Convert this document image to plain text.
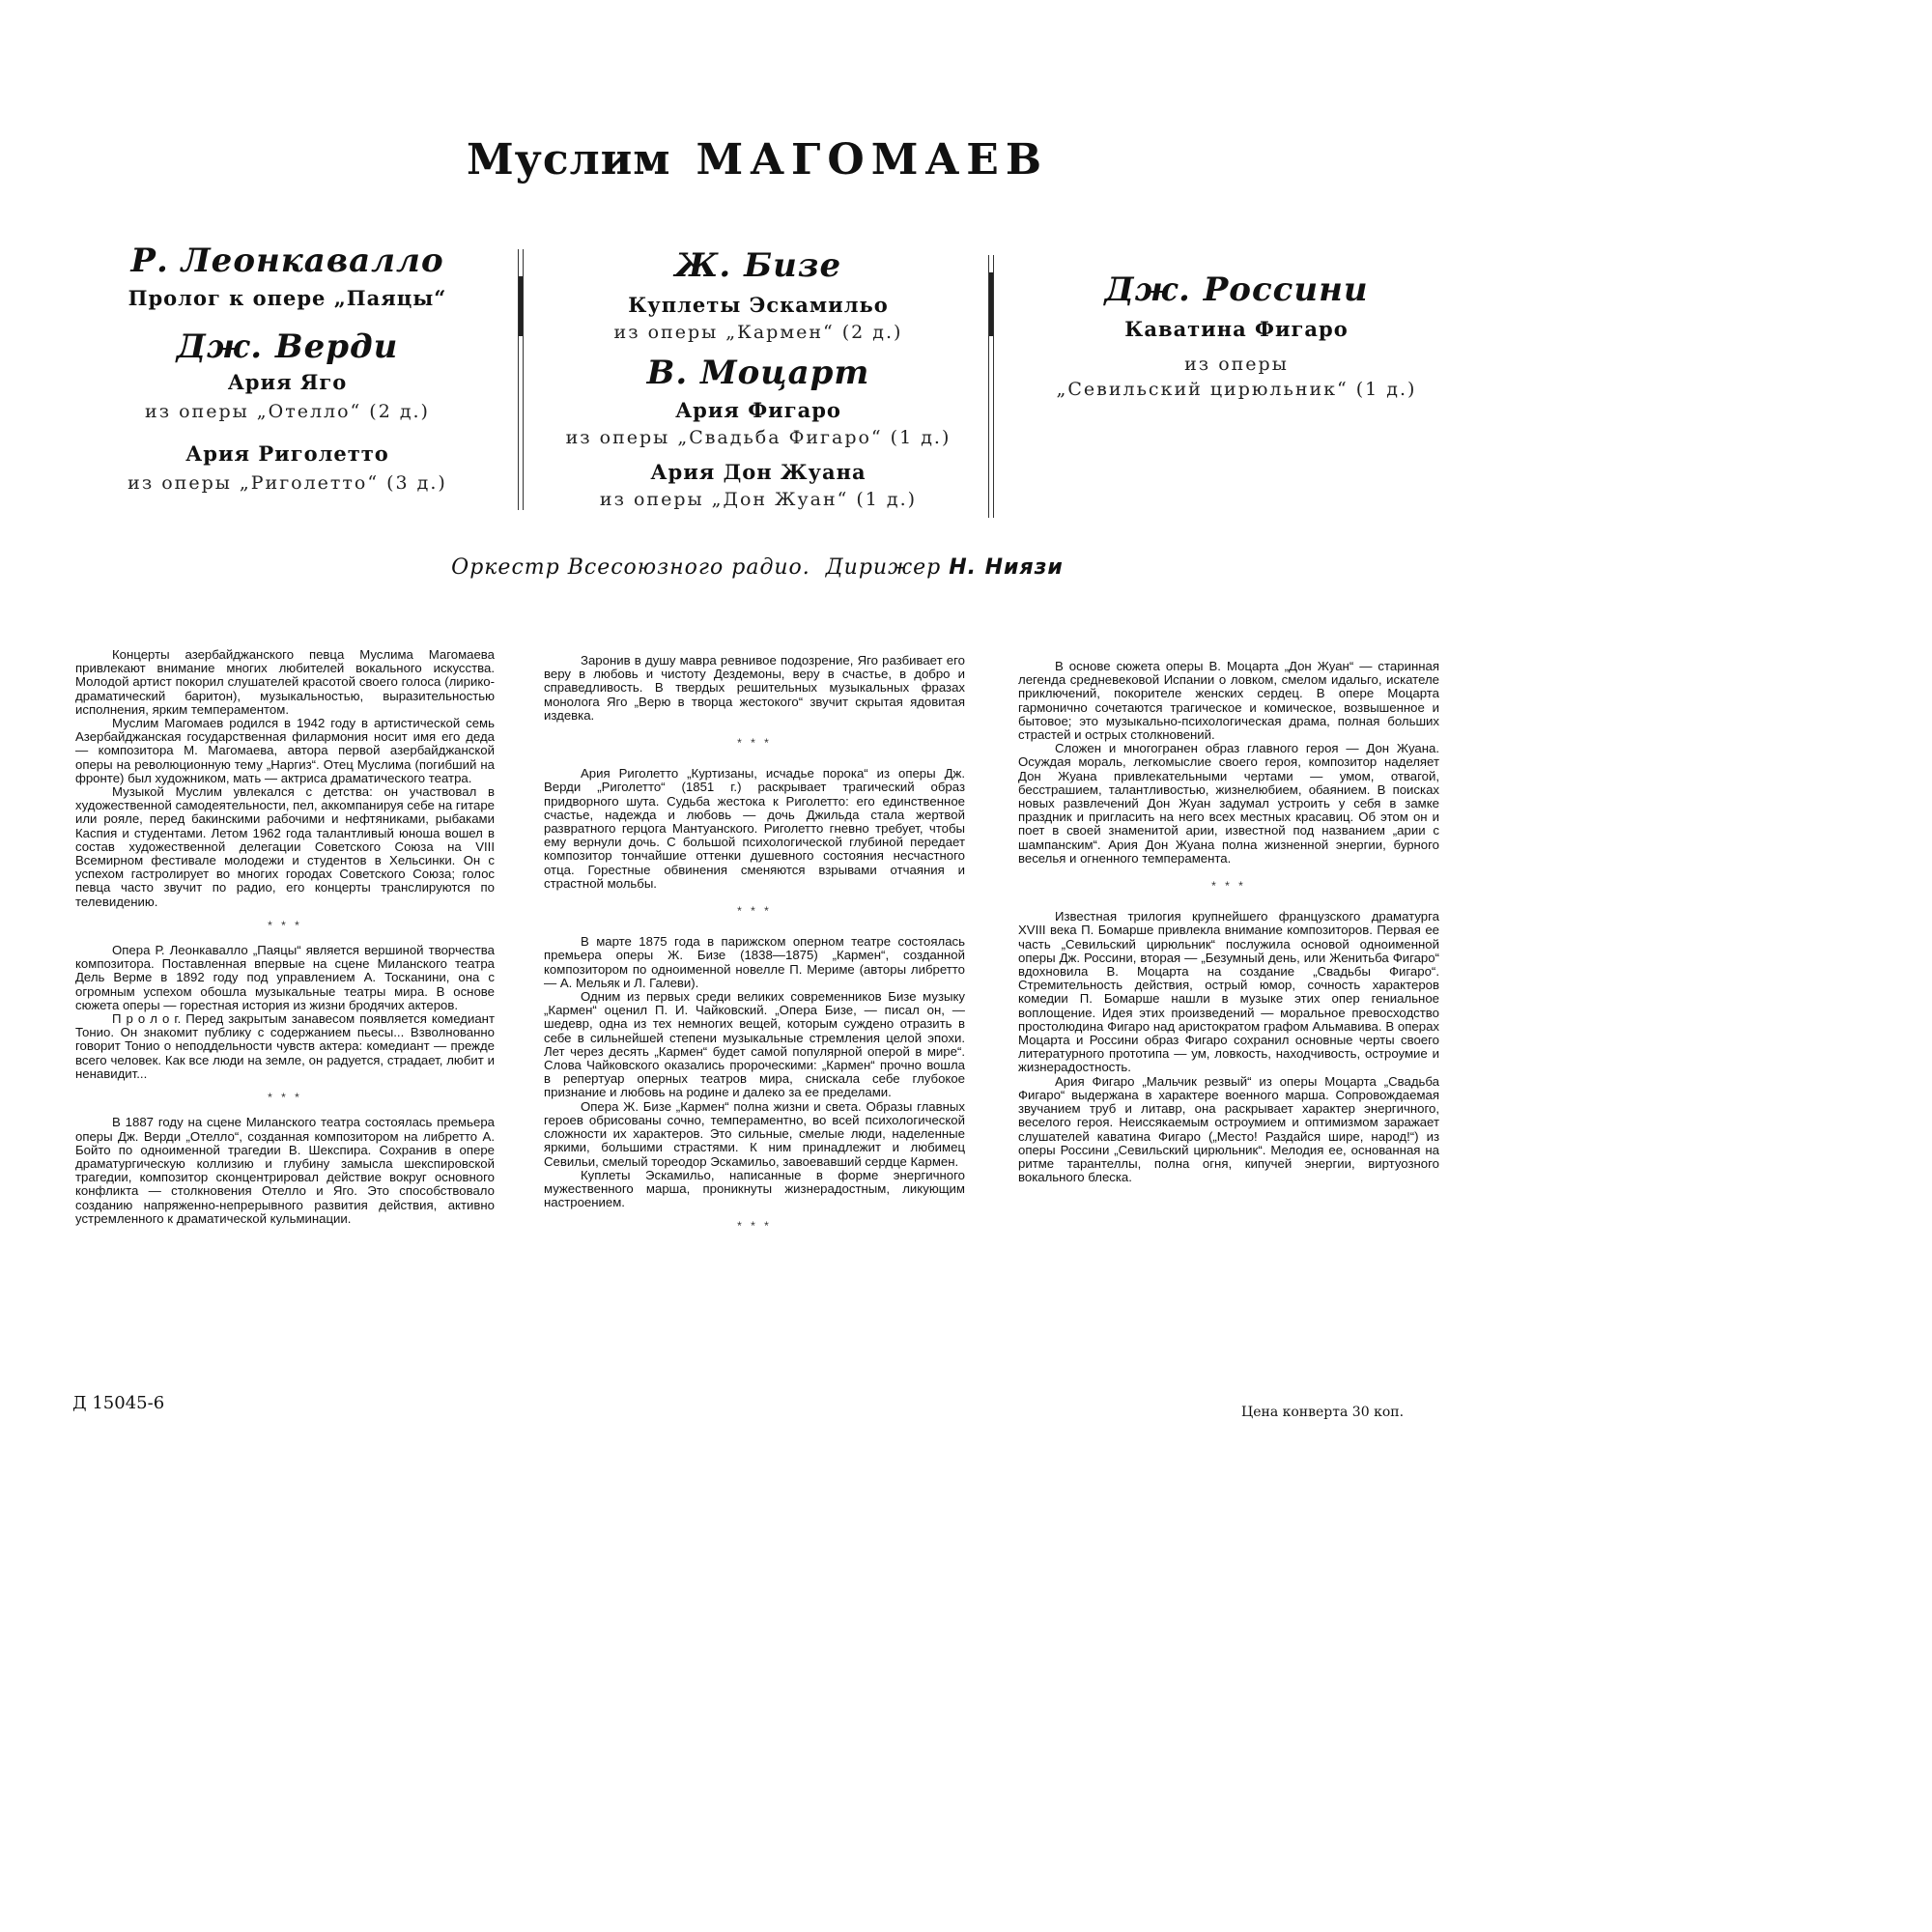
Муслим МАГОМАЕВ
Р. Леонкавалло
Пролог к опере „Паяцы“
Дж. Верди
Ария Яго
из оперы „Отелло“ (2 д.)
Ария Риголетто
из оперы „Риголетто“ (3 д.)
Ж. Бизе
Куплеты Эскамильо
из оперы „Кармен“ (2 д.)
В. Моцарт
Ария Фигаро
из оперы „Свадьба Фигаро“ (1 д.)
Ария Дон Жуана
из оперы „Дон Жуан“ (1 д.)
Дж. Россини
Каватина Фигаро
из оперы
„Севильский цирюльник“ (1 д.)
Оркестр Всесоюзного радио. Дирижер Н. Ниязи

Концерты азербайджанского певца Муслима Магомаева привлекают внимание многих любителей вокального искусства. Молодой артист покорил слушателей красотой своего голоса (лирико-драматический баритон), музыкальностью, выразительностью исполнения, ярким темпераментом.

Муслим Магомаев родился в 1942 году в артистической семь Азербайджанская государственная филармония носит имя его деда — композитора М. Магомаева, автора первой азербайджанской оперы на революционную тему „Наргиз“. Отец Муслима (погибший на фронте) был художником, мать — актриса драматического театра.

Музыкой Муслим увлекался с детства: он участвовал в художественной самодеятельности, пел, аккомпанируя себе на гитаре или рояле, перед бакинскими рабочими и нефтяниками, рыбаками Каспия и студентами. Летом 1962 года талантливый юноша вошел в состав художественной делегации Советского Союза на VIII Всемирном фестивале молодежи и студентов в Хельсинки. Он с успехом гастролирует во многих городах Советского Союза; голос певца часто звучит по радио, его концерты транслируются по телевидению.

* * *

Опера Р. Леонкавалло „Паяцы“ является вершиной творчества композитора. Поставленная впервые на сцене Миланского театра Дель Верме в 1892 году под управлением А. Тосканини, она с огромным успехом обошла музыкальные театры мира. В основе сюжета оперы — горестная история из жизни бродячих актеров.

П р о л о г. Перед закрытым занавесом появляется комедиант Тонио. Он знакомит публику с содержанием пьесы... Взволнованно говорит Тонио о неподдельности чувств актера: комедиант — прежде всего человек. Как все люди на земле, он радуется, страдает, любит и ненавидит...

* * *

В 1887 году на сцене Миланского театра состоялась премьера оперы Дж. Верди „Отелло“, созданная композитором на либретто А. Бойто по одноименной трагедии В. Шекспира. Сохранив в опере драматургическую коллизию и глубину замысла шекспировской трагедии, композитор сконцентрировал действие вокруг основного конфликта — столкновения Отелло и Яго. Это способствовало созданию напряженно-непрерывного развития действия, активно устремленного к драматической кульминации.

Заронив в душу мавра ревнивое подозрение, Яго разбивает его веру в любовь и чистоту Дездемоны, веру в счастье, в добро и справедливость. В твердых решительных музыкальных фразах монолога Яго „Верю в творца жестокого“ звучит скрытая ядовитая издевка.

* * *

Ария Риголетто „Куртизаны, исчадье порока“ из оперы Дж. Верди „Риголетто“ (1851 г.) раскрывает трагический образ придворного шута. Судьба жестока к Риголетто: его единственное счастье, надежда и любовь — дочь Джильда стала жертвой развратного герцога Мантуанского. Риголетто гневно требует, чтобы ему вернули дочь. С большой психологической глубиной передает композитор тончайшие оттенки душевного состояния несчастного отца. Горестные обвинения сменяются взрывами отчаяния и страстной мольбы.

* * *

В марте 1875 года в парижском оперном театре состоялась премьера оперы Ж. Бизе (1838—1875) „Кармен“, созданной композитором по одноименной новелле П. Мериме (авторы либретто — А. Мельяк и Л. Галеви).

Одним из первых среди великих современников Бизе музыку „Кармен“ оценил П. И. Чайковский. „Опера Бизе, — писал он, — шедевр, одна из тех немногих вещей, которым суждено отразить в себе в сильнейшей степени музыкальные стремления целой эпохи. Лет через десять „Кармен“ будет самой популярной оперой в мире“. Слова Чайковского оказались пророческими: „Кармен“ прочно вошла в репертуар оперных театров мира, снискала себе глубокое признание и любовь на родине и далеко за ее пределами.

Опера Ж. Бизе „Кармен“ полна жизни и света. Образы главных героев обрисованы сочно, темпераментно, во всей психологической сложности их характеров. Это сильные, смелые люди, наделенные яркими, большими страстями. К ним принадлежит и любимец Севильи, смелый тореодор Эскамильо, завоевавший сердце Кармен.

Куплеты Эскамильо, написанные в форме энергичного мужественного марша, проникнуты жизнерадостным, ликующим настроением.

* * *

В основе сюжета оперы В. Моцарта „Дон Жуан“ — старинная легенда средневековой Испании о ловком, смелом идальго, искателе приключений, покорителе женских сердец. В опере Моцарта гармонично сочетаются трагическое и комическое, возвышенное и бытовое; это музыкально-психологическая драма, полная больших страстей и острых столкновений.

Сложен и многогранен образ главного героя — Дон Жуана. Осуждая мораль, легкомыслие своего героя, композитор наделяет Дон Жуана привлекательными чертами — умом, отвагой, бесстрашием, талантливостью, жизнелюбием, обаянием. В поисках новых развлечений Дон Жуан задумал устроить у себя в замке праздник и пригласить на него всех местных красавиц. Об этом он и поет в своей знаменитой арии, известной под названием „арии с шампанским“. Ария Дон Жуана полна жизненной энергии, бурного веселья и огненного темперамента.

* * *

Известная трилогия крупнейшего французского драматурга XVIII века П. Бомарше привлекла внимание композиторов. Первая ее часть „Севильский цирюльник“ послужила основой одноименной оперы Дж. Россини, вторая — „Безумный день, или Женитьба Фигаро“ вдохновила В. Моцарта на создание „Свадьбы Фигаро“. Стремительность действия, острый юмор, сочность характеров комедии П. Бомарше нашли в музыке этих опер гениальное воплощение. Идея этих произведений — моральное превосходство простолюдина Фигаро над аристократом графом Альмавива. В операх Моцарта и Россини образ Фигаро сохранил основные черты своего литературного прототипа — ум, ловкость, находчивость, остроумие и жизнерадостность.

Ария Фигаро „Мальчик резвый“ из оперы Моцарта „Свадьба Фигаро“ выдержана в характере военного марша. Сопровождаемая звучанием труб и литавр, она раскрывает характер энергичного, веселого героя. Неиссякаемым остроумием и оптимизмом заражает слушателей каватина Фигаро („Место! Раздайся шире, народ!“) из оперы Россини „Севильский цирюльник“. Мелодия ее, основанная на ритме тарантеллы, полна огня, кипучей энергии, виртуозного вокального блеска.

Д 15045-6	Цена конверта 30 коп.
